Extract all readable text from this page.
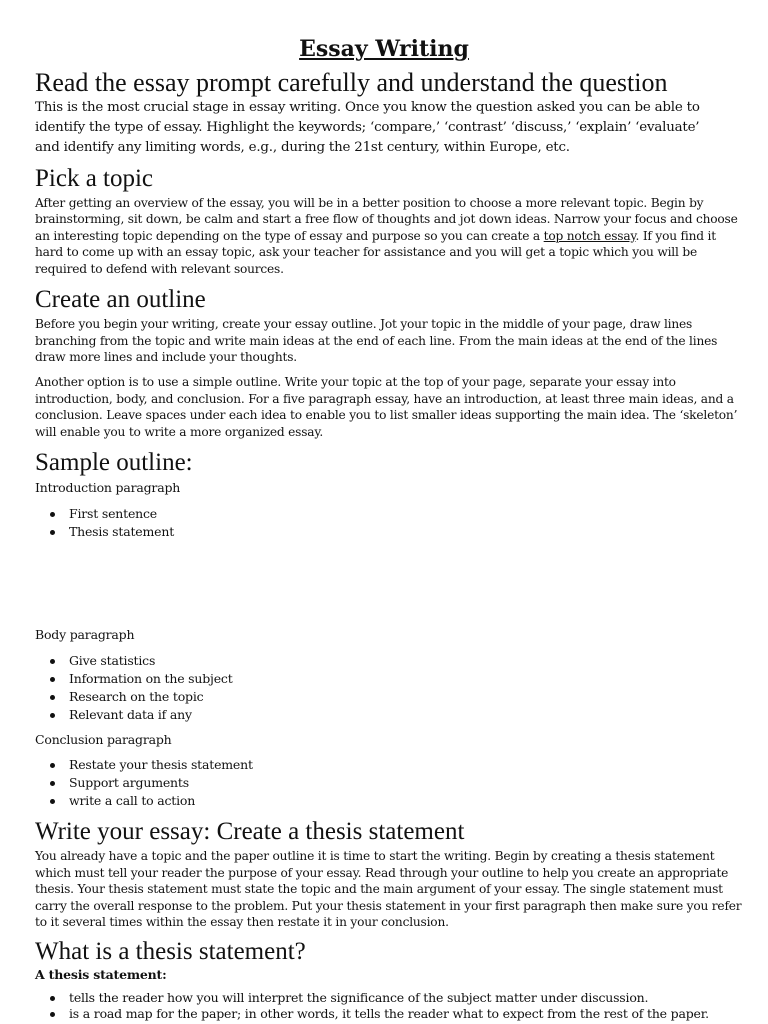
Essay Writing
Read the essay prompt carefully and understand the question
This is the most crucial stage in essay writing. Once you know the question asked you can be able to
identify the type of essay. Highlight the keywords; ‘compare,’ ‘contrast’ ‘discuss,’ ‘explain’ ‘evaluate’
and identify any limiting words, e.g., during the 21st century, within Europe, etc.
Pick a topic
After getting an overview of the essay, you will be in a better position to choose a more relevant topic. Begin by
brainstorming, sit down, be calm and start a free flow of thoughts and jot down ideas. Narrow your focus and choose
an interesting topic depending on the type of essay and purpose so you can create a top notch essay. If you find it
hard to come up with an essay topic, ask your teacher for assistance and you will get a topic which you will be
required to defend with relevant sources.
Create an outline
Before you begin your writing, create your essay outline. Jot your topic in the middle of your page, draw lines
branching from the topic and write main ideas at the end of each line. From the main ideas at the end of the lines
draw more lines and include your thoughts.
Another option is to use a simple outline. Write your topic at the top of your page, separate your essay into
introduction, body, and conclusion. For a five paragraph essay, have an introduction, at least three main ideas, and a
conclusion. Leave spaces under each idea to enable you to list smaller ideas supporting the main idea. The ‘skeleton’
will enable you to write a more organized essay.
Sample outline:
Introduction paragraph
First sentence
Thesis statement
Body paragraph
Give statistics
Information on the subject
Research on the topic
Relevant data if any
Conclusion paragraph
Restate your thesis statement
Support arguments
write a call to action
Write your essay: Create a thesis statement
You already have a topic and the paper outline it is time to start the writing. Begin by creating a thesis statement
which must tell your reader the purpose of your essay. Read through your outline to help you create an appropriate
thesis. Your thesis statement must state the topic and the main argument of your essay. The single statement must
carry the overall response to the problem. Put your thesis statement in your first paragraph then make sure you refer
to it several times within the essay then restate it in your conclusion.
What is a thesis statement?
A thesis statement:
tells the reader how you will interpret the significance of the subject matter under discussion.
is a road map for the paper; in other words, it tells the reader what to expect from the rest of the paper.
